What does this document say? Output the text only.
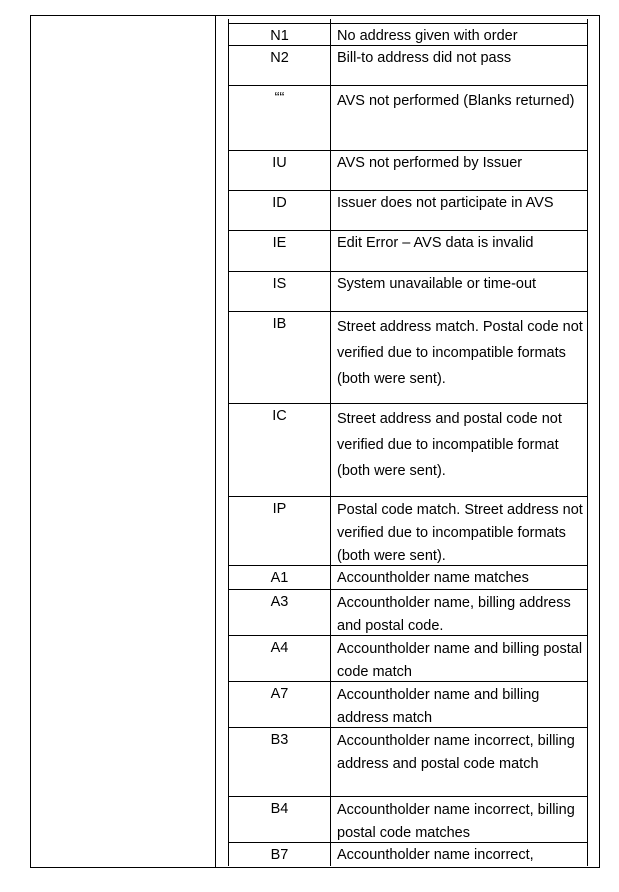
N1	No address given with order
N2	Bill-to address did not pass
““	AVS not performed (Blanks returned)
IU	AVS not performed by Issuer
ID	Issuer does not participate in AVS
IE	Edit Error – AVS data is invalid
IS	System unavailable or time-out
IB	Street address match. Postal code not verified due to incompatible formats (both were sent).
IC	Street address and postal code not verified due to incompatible format (both were sent).
IP	Postal code match. Street address not verified due to incompatible formats (both were sent).
A1	Accountholder name matches
A3	Accountholder name, billing address and postal code.
A4	Accountholder name and billing postal code match
A7	Accountholder name and billing address match
B3	Accountholder name incorrect, billing address and postal code match
B4	Accountholder name incorrect, billing postal code matches
B7	Accountholder name incorrect,
